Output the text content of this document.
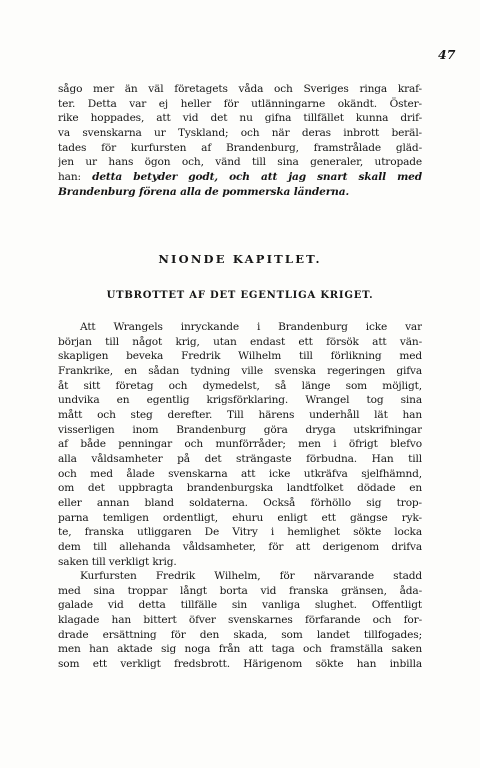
47
sågo mer än väl företagets våda och Sveriges ringa kraf-
ter. Detta var ej heller för utlänningarne okändt. Öster-
rike hoppades, att vid det nu gifna tillfället kunna drif-
va svenskarna ur Tyskland; och när deras inbrott beräl-
tades för kurfursten af Brandenburg, framstrålade gläd-
jen ur hans ögon och, vänd till sina generaler, utropade
han: detta betyder godt, och att jag snart skall med
Brandenburg förena alla de pommerska länderna.
NIONDE KAPITLET.
UTBROTTET AF DET EGENTLIGA KRIGET.
Att Wrangels inryckande i Brandenburg icke var
början till något krig, utan endast ett försök att vän-
skapligen beveka Fredrik Wilhelm till förlikning med
Frankrike, en sådan tydning ville svenska regeringen gifva
åt sitt företag och dymedelst, så länge som möjligt,
undvika en egentlig krigsförklaring. Wrangel tog sina
mått och steg derefter. Till härens underhåll lät han
visserligen inom Brandenburg göra dryga utskrifningar
af både penningar och munförråder; men i öfrigt blefvo
alla våldsamheter på det strängaste förbudna. Han till
och med ålade svenskarna att icke utkräfva sjelfhämnd,
om det uppbragta brandenburgska landtfolket dödade en
eller annan bland soldaterna. Också förhöllo sig trop-
parna temligen ordentligt, ehuru enligt ett gängse ryk-
te, franska utliggaren De Vitry i hemlighet sökte locka
dem till allehanda våldsamheter, för att derigenom drifva
saken till verkligt krig.
Kurfursten Fredrik Wilhelm, för närvarande stadd
med sina troppar långt borta vid franska gränsen, åda-
galade vid detta tillfälle sin vanliga slughet. Offentligt
klagade han bittert öfver svenskarnes förfarande och for-
drade ersättning för den skada, som landet tillfogades;
men han aktade sig noga från att taga och framställa saken
som ett verkligt fredsbrott. Härigenom sökte han inbilla
